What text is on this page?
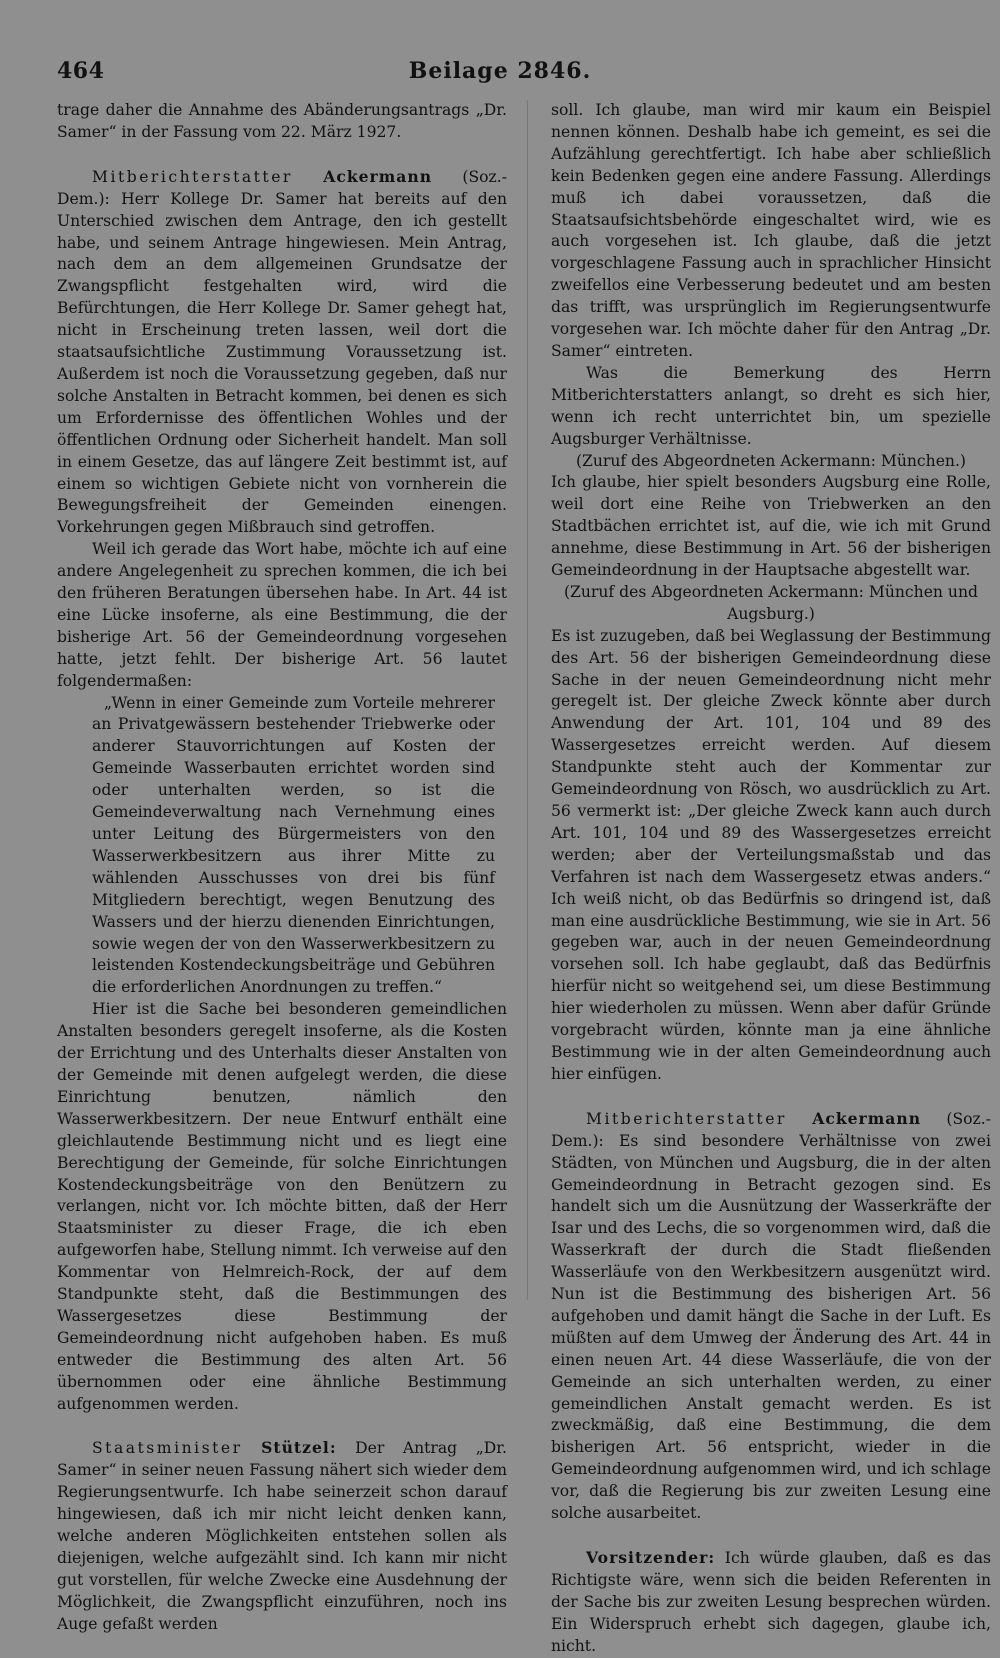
464	Beilage 2846.

trage daher die Annahme des Abänderungsantrags „Dr. Samer“ in der Fassung vom 22. März 1927.

Mitberichterstatter Ackermann (Soz.-Dem.): Herr Kollege Dr. Samer hat bereits auf den Unterschied zwischen dem Antrage, den ich gestellt habe, und seinem Antrage hingewiesen. Mein Antrag, nach dem an dem allgemeinen Grundsatze der Zwangspflicht festgehalten wird, wird die Befürchtungen, die Herr Kollege Dr. Samer gehegt hat, nicht in Erscheinung treten lassen, weil dort die staatsaufsichtliche Zustimmung Voraussetzung ist. Außerdem ist noch die Voraussetzung gegeben, daß nur solche Anstalten in Betracht kommen, bei denen es sich um Erfordernisse des öffentlichen Wohles und der öffentlichen Ordnung oder Sicherheit handelt. Man soll in einem Gesetze, das auf längere Zeit bestimmt ist, auf einem so wichtigen Gebiete nicht von vornherein die Bewegungsfreiheit der Gemeinden einengen. Vorkehrungen gegen Mißbrauch sind getroffen.

Weil ich gerade das Wort habe, möchte ich auf eine andere Angelegenheit zu sprechen kommen, die ich bei den früheren Beratungen übersehen habe. In Art. 44 ist eine Lücke insoferne, als eine Bestimmung, die der bisherige Art. 56 der Gemeindeordnung vorgesehen hatte, jetzt fehlt. Der bisherige Art. 56 lautet folgendermaßen:

„Wenn in einer Gemeinde zum Vorteile mehrerer an Privatgewässern bestehender Triebwerke oder anderer Stauvorrichtungen auf Kosten der Gemeinde Wasserbauten errichtet worden sind oder unterhalten werden, so ist die Gemeindeverwaltung nach Vernehmung eines unter Leitung des Bürgermeisters von den Wasserwerkbesitzern aus ihrer Mitte zu wählenden Ausschusses von drei bis fünf Mitgliedern berechtigt, wegen Benutzung des Wassers und der hierzu dienenden Einrichtungen, sowie wegen der von den Wasserwerkbesitzern zu leistenden Kostendeckungsbeiträge und Gebühren die erforderlichen Anordnungen zu treffen.“

Hier ist die Sache bei besonderen gemeindlichen Anstalten besonders geregelt insoferne, als die Kosten der Errichtung und des Unterhalts dieser Anstalten von der Gemeinde mit denen aufgelegt werden, die diese Einrichtung benutzen, nämlich den Wasserwerkbesitzern. Der neue Entwurf enthält eine gleichlautende Bestimmung nicht und es liegt eine Berechtigung der Gemeinde, für solche Einrichtungen Kostendeckungsbeiträge von den Benützern zu verlangen, nicht vor. Ich möchte bitten, daß der Herr Staatsminister zu dieser Frage, die ich eben aufgeworfen habe, Stellung nimmt. Ich verweise auf den Kommentar von Helmreich-Rock, der auf dem Standpunkte steht, daß die Bestimmungen des Wassergesetzes diese Bestimmung der Gemeindeordnung nicht aufgehoben haben. Es muß entweder die Bestimmung des alten Art. 56 übernommen oder eine ähnliche Bestimmung aufgenommen werden.

Staatsminister Stützel: Der Antrag „Dr. Samer“ in seiner neuen Fassung nähert sich wieder dem Regierungsentwurfe. Ich habe seinerzeit schon darauf hingewiesen, daß ich mir nicht leicht denken kann, welche anderen Möglichkeiten entstehen sollen als diejenigen, welche aufgezählt sind. Ich kann mir nicht gut vorstellen, für welche Zwecke eine Ausdehnung der Möglichkeit, die Zwangspflicht einzuführen, noch ins Auge gefaßt werden

soll. Ich glaube, man wird mir kaum ein Beispiel nennen können. Deshalb habe ich gemeint, es sei die Aufzählung gerechtfertigt. Ich habe aber schließlich kein Bedenken gegen eine andere Fassung. Allerdings muß ich dabei voraussetzen, daß die Staatsaufsichtsbehörde eingeschaltet wird, wie es auch vorgesehen ist. Ich glaube, daß die jetzt vorgeschlagene Fassung auch in sprachlicher Hinsicht zweifellos eine Verbesserung bedeutet und am besten das trifft, was ursprünglich im Regierungsentwurfe vorgesehen war. Ich möchte daher für den Antrag „Dr. Samer“ eintreten.

Was die Bemerkung des Herrn Mitberichterstatters anlangt, so dreht es sich hier, wenn ich recht unterrichtet bin, um spezielle Augsburger Verhältnisse.

(Zuruf des Abgeordneten Ackermann: München.)

Ich glaube, hier spielt besonders Augsburg eine Rolle, weil dort eine Reihe von Triebwerken an den Stadtbächen errichtet ist, auf die, wie ich mit Grund annehme, diese Bestimmung in Art. 56 der bisherigen Gemeindeordnung in der Hauptsache abgestellt war.

(Zuruf des Abgeordneten Ackermann: München und Augsburg.)

Es ist zuzugeben, daß bei Weglassung der Bestimmung des Art. 56 der bisherigen Gemeindeordnung diese Sache in der neuen Gemeindeordnung nicht mehr geregelt ist. Der gleiche Zweck könnte aber durch Anwendung der Art. 101, 104 und 89 des Wassergesetzes erreicht werden. Auf diesem Standpunkte steht auch der Kommentar zur Gemeindeordnung von Rösch, wo ausdrücklich zu Art. 56 vermerkt ist: „Der gleiche Zweck kann auch durch Art. 101, 104 und 89 des Wassergesetzes erreicht werden; aber der Verteilungsmaßstab und das Verfahren ist nach dem Wassergesetz etwas anders.“ Ich weiß nicht, ob das Bedürfnis so dringend ist, daß man eine ausdrückliche Bestimmung, wie sie in Art. 56 gegeben war, auch in der neuen Gemeindeordnung vorsehen soll. Ich habe geglaubt, daß das Bedürfnis hierfür nicht so weitgehend sei, um diese Bestimmung hier wiederholen zu müssen. Wenn aber dafür Gründe vorgebracht würden, könnte man ja eine ähnliche Bestimmung wie in der alten Gemeindeordnung auch hier einfügen.

Mitberichterstatter Ackermann (Soz.-Dem.): Es sind besondere Verhältnisse von zwei Städten, von München und Augsburg, die in der alten Gemeindeordnung in Betracht gezogen sind. Es handelt sich um die Ausnützung der Wasserkräfte der Isar und des Lechs, die so vorgenommen wird, daß die Wasserkraft der durch die Stadt fließenden Wasserläufe von den Werkbesitzern ausgenützt wird. Nun ist die Bestimmung des bisherigen Art. 56 aufgehoben und damit hängt die Sache in der Luft. Es müßten auf dem Umweg der Änderung des Art. 44 in einen neuen Art. 44 diese Wasserläufe, die von der Gemeinde an sich unterhalten werden, zu einer gemeindlichen Anstalt gemacht werden. Es ist zweckmäßig, daß eine Bestimmung, die dem bisherigen Art. 56 entspricht, wieder in die Gemeindeordnung aufgenommen wird, und ich schlage vor, daß die Regierung bis zur zweiten Lesung eine solche ausarbeitet.

Vorsitzender: Ich würde glauben, daß es das Richtigste wäre, wenn sich die beiden Referenten in der Sache bis zur zweiten Lesung besprechen würden. Ein Widerspruch erhebt sich dagegen, glaube ich, nicht.
